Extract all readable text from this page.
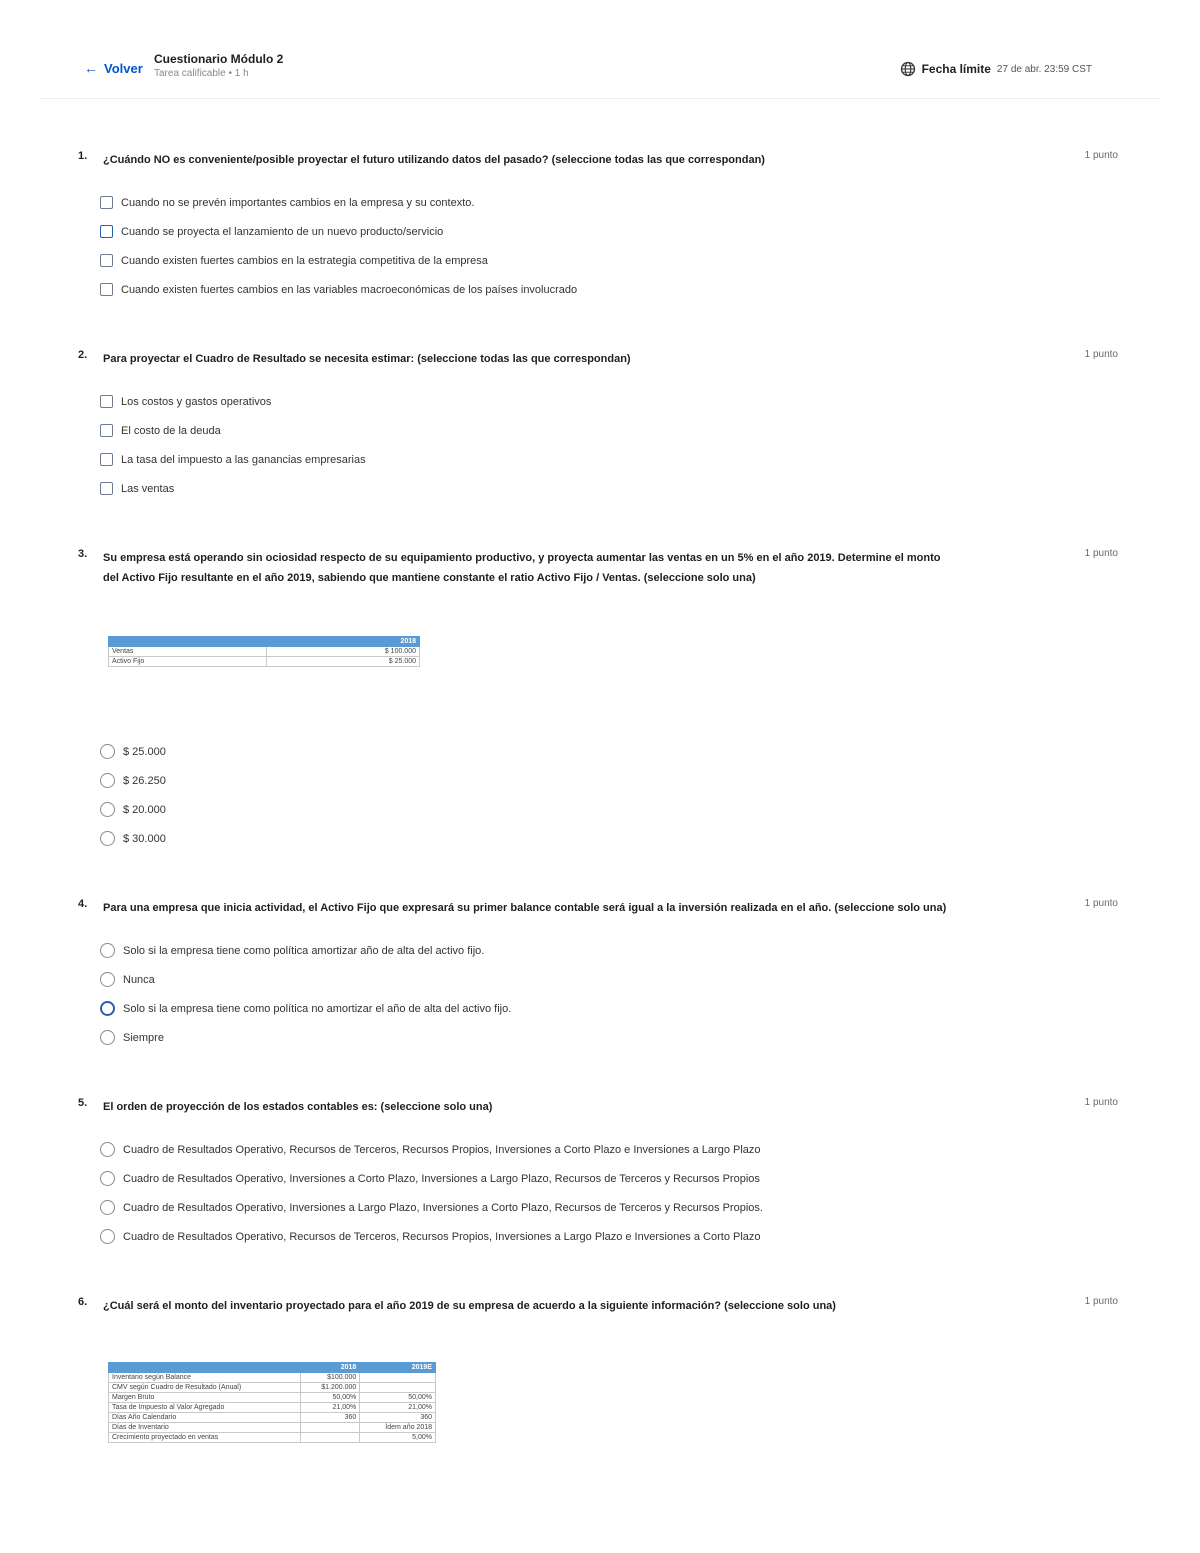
← Volver
Cuestionario Módulo 2
Tarea calificable • 1 h	Fecha límite 27 de abr. 23:59 CST
1. ¿Cuándo NO es conveniente/posible proyectar el futuro utilizando datos del pasado? (seleccione todas las que correspondan)	1 punto
Cuando no se prevén importantes cambios en la empresa y su contexto.
Cuando se proyecta el lanzamiento de un nuevo producto/servicio
Cuando existen fuertes cambios en la estrategia competitiva de la empresa
Cuando existen fuertes cambios en las variables macroeconómicas de los países involucrado
2. Para proyectar el Cuadro de Resultado se necesita estimar: (seleccione todas las que correspondan)	1 punto
Los costos y gastos operativos
El costo de la deuda
La tasa del impuesto a las ganancias empresarias
Las ventas
3. Su empresa está operando sin ociosidad respecto de su equipamiento productivo, y proyecta aumentar las ventas en un 5% en el año 2019. Determine el monto
del Activo Fijo resultante en el año 2019, sabiendo que mantiene constante el ratio Activo Fijo / Ventas. (seleccione solo una)
1 punto
	2018
Ventas	$ 100.000
Activo Fijo	$ 25.000
$ 25.000
$ 26.250
$ 20.000
$ 30.000
4. Para una empresa que inicia actividad, el Activo Fijo que expresará su primer balance contable será igual a la inversión realizada en el año. (seleccione solo una)	1 punto
Solo si la empresa tiene como política amortizar año de alta del activo fijo.
Nunca
Solo si la empresa tiene como política no amortizar el año de alta del activo fijo.
Siempre
5. El orden de proyección de los estados contables es: (seleccione solo una)	1 punto
Cuadro de Resultados Operativo, Recursos de Terceros, Recursos Propios, Inversiones a Corto Plazo e Inversiones a Largo Plazo
Cuadro de Resultados Operativo, Inversiones a Corto Plazo, Inversiones a Largo Plazo, Recursos de Terceros y Recursos Propios
Cuadro de Resultados Operativo, Inversiones a Largo Plazo, Inversiones a Corto Plazo, Recursos de Terceros y Recursos Propios.
Cuadro de Resultados Operativo, Recursos de Terceros, Recursos Propios, Inversiones a Largo Plazo e Inversiones a Corto Plazo
6. ¿Cuál será el monto del inventario proyectado para el año 2019 de su empresa de acuerdo a la siguiente información? (seleccione solo una)	1 punto
	2018	2019E
Inventario según Balance	$100.000	
CMV según Cuadro de Resultado (Anual)	$1.200.000	
Margen Bruto	50,00%	50,00%
Tasa de Impuesto al Valor Agregado	21,00%	21,00%
Días Año Calendario	360	360
Días de Inventario		Ídem año 2018
Crecimiento proyectado en ventas		5,00%
